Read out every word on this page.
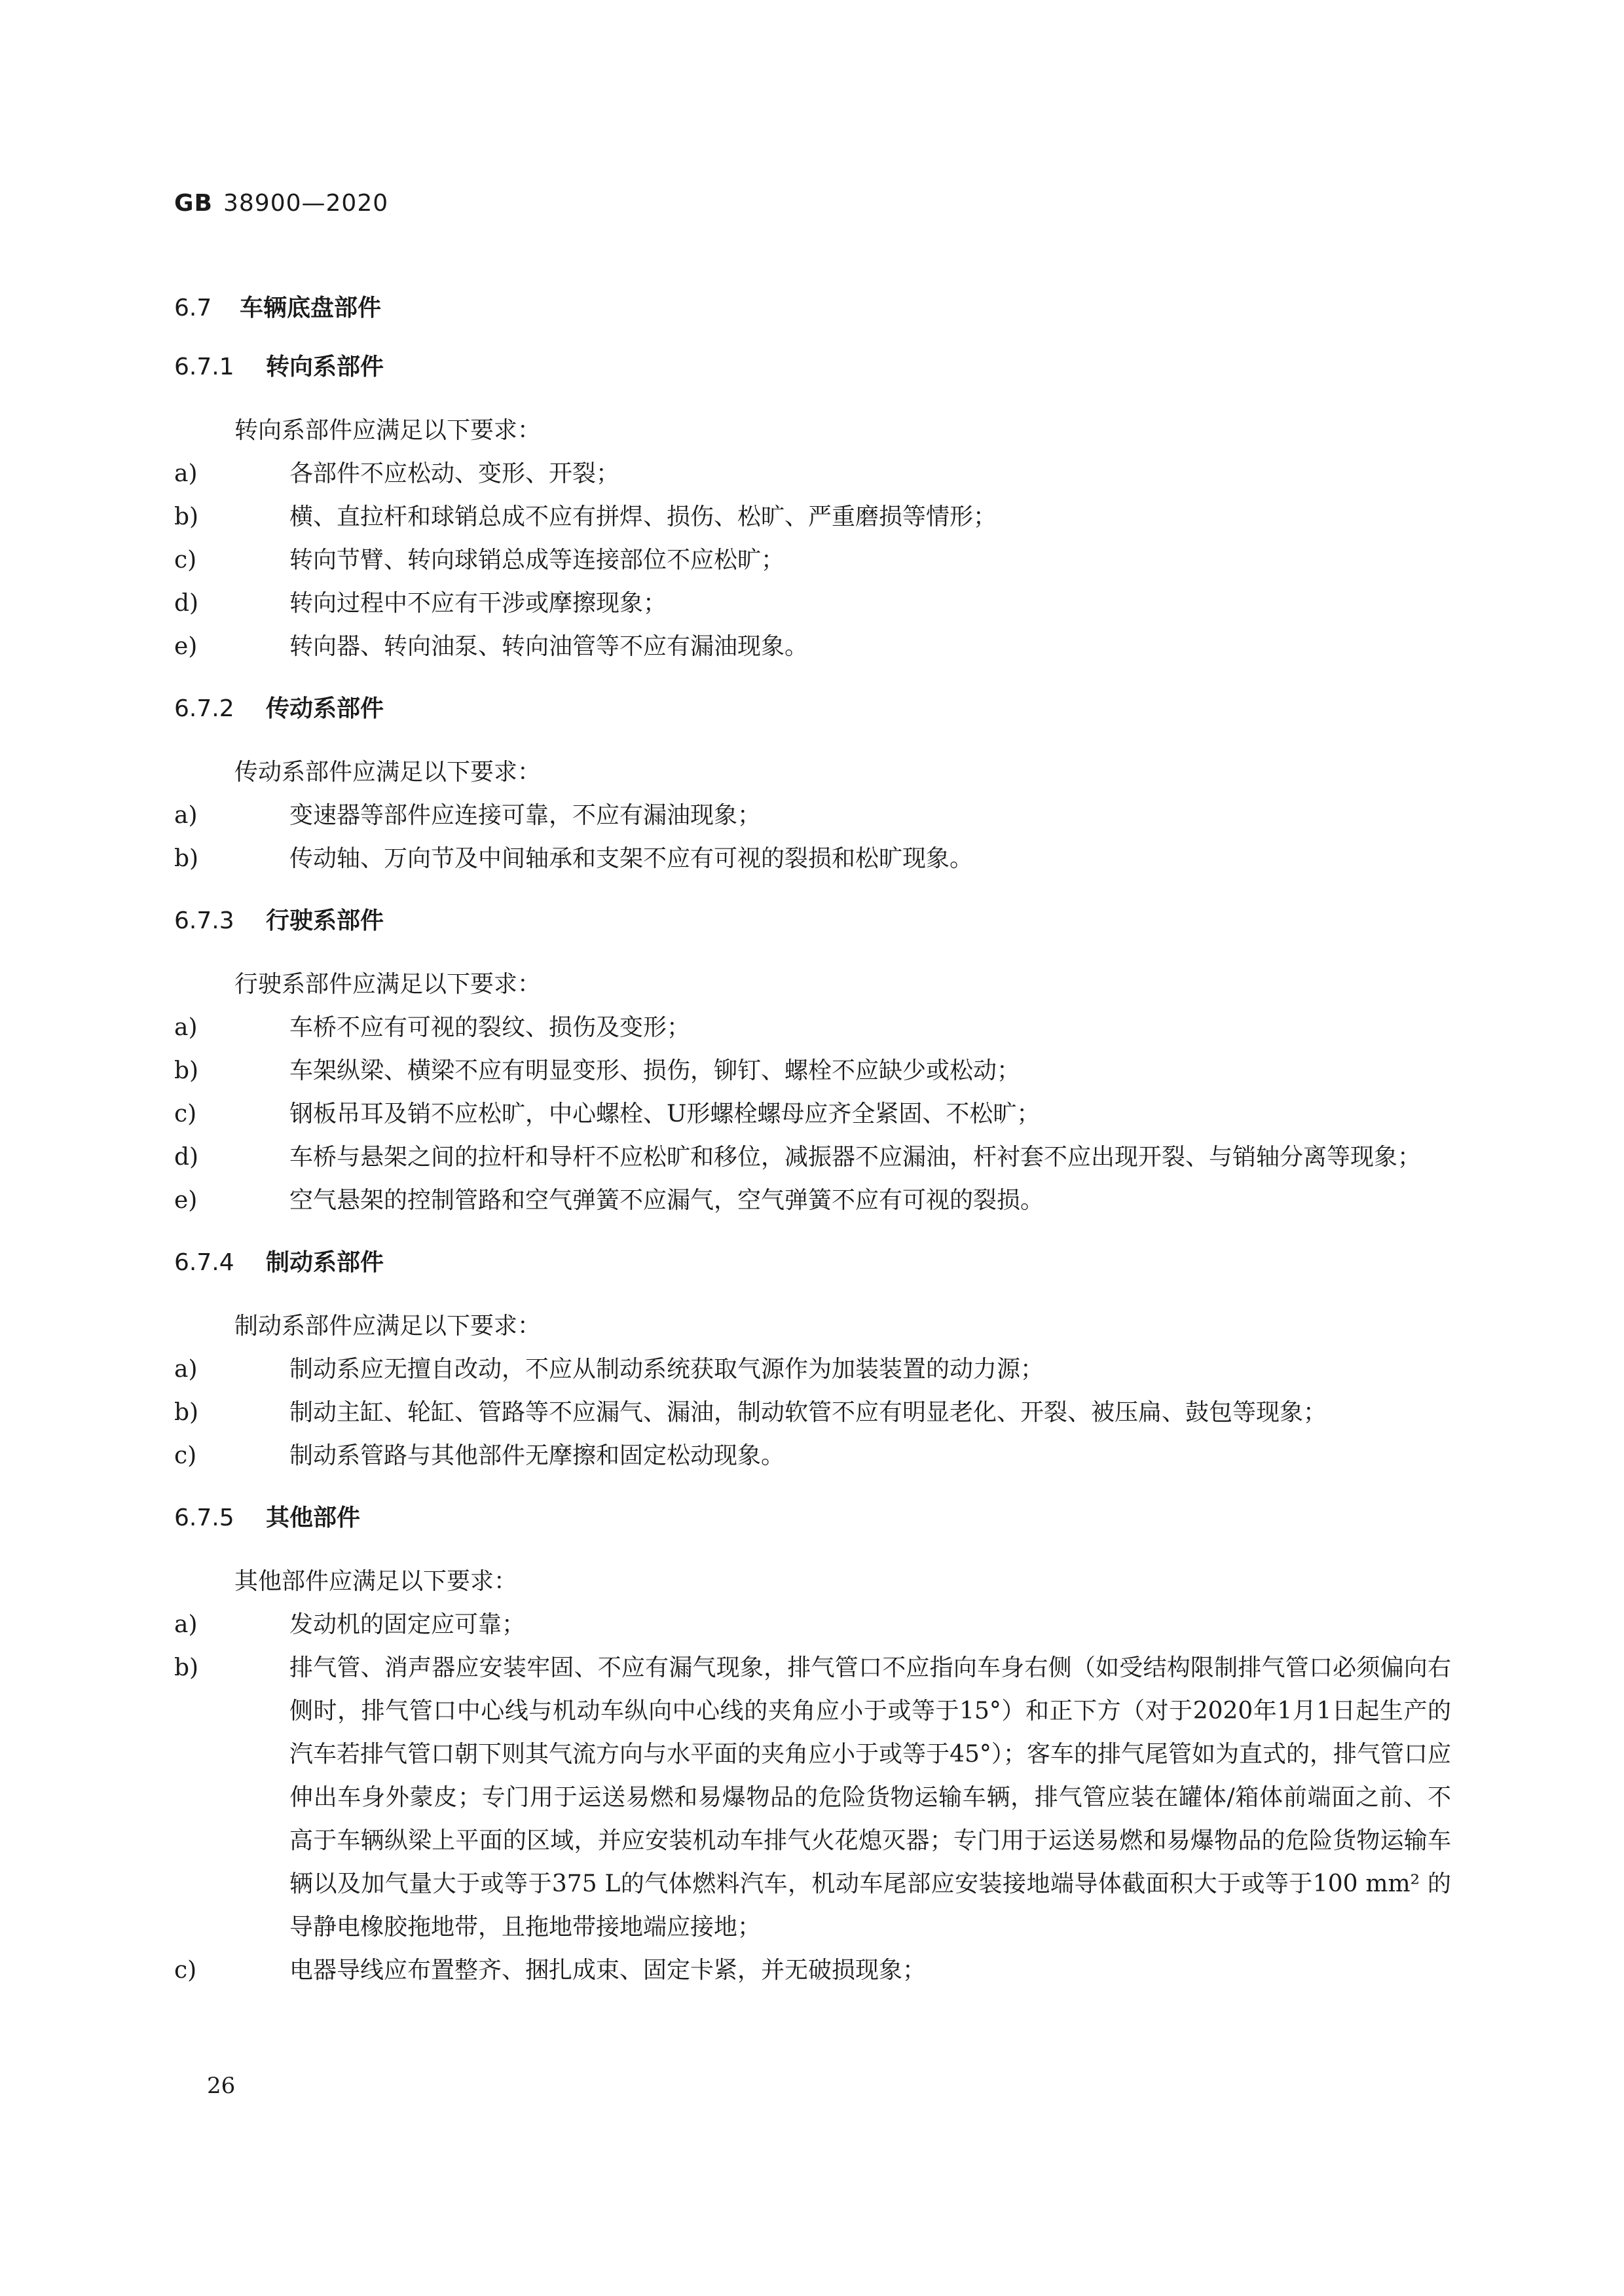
GB 38900—2020
6.7 车辆底盘部件
6.7.1 转向系部件

转向系部件应满足以下要求：

a)	各部件不应松动、变形、开裂；

b)	横、直拉杆和球销总成不应有拼焊、损伤、松旷、严重磨损等情形；

c)	转向节臂、转向球销总成等连接部位不应松旷；

d)	转向过程中不应有干涉或摩擦现象；

e)	转向器、转向油泵、转向油管等不应有漏油现象。

6.7.2 传动系部件

传动系部件应满足以下要求：

a)	变速器等部件应连接可靠，不应有漏油现象；

b)	传动轴、万向节及中间轴承和支架不应有可视的裂损和松旷现象。

6.7.3 行驶系部件

行驶系部件应满足以下要求：

a)	车桥不应有可视的裂纹、损伤及变形；

b)	车架纵梁、横梁不应有明显变形、损伤，铆钉、螺栓不应缺少或松动；

c)	钢板吊耳及销不应松旷，中心螺栓、U形螺栓螺母应齐全紧固、不松旷；

d)	车桥与悬架之间的拉杆和导杆不应松旷和移位，减振器不应漏油，杆衬套不应出现开裂、与销轴分离等现象；

e)	空气悬架的控制管路和空气弹簧不应漏气，空气弹簧不应有可视的裂损。

6.7.4 制动系部件

制动系部件应满足以下要求：

a)	制动系应无擅自改动，不应从制动系统获取气源作为加装装置的动力源；

b)	制动主缸、轮缸、管路等不应漏气、漏油，制动软管不应有明显老化、开裂、被压扁、鼓包等现象；

c)	制动系管路与其他部件无摩擦和固定松动现象。

6.7.5 其他部件

其他部件应满足以下要求：

a)	发动机的固定应可靠；

b)	排气管、消声器应安装牢固、不应有漏气现象，排气管口不应指向车身右侧（如受结构限制排气管口必须偏向右侧时，排气管口中心线与机动车纵向中心线的夹角应小于或等于15°）和正下方（对于2020年1月1日起生产的汽车若排气管口朝下则其气流方向与水平面的夹角应小于或等于45°）；客车的排气尾管如为直式的，排气管口应伸出车身外蒙皮；专门用于运送易燃和易爆物品的危险货物运输车辆，排气管应装在罐体/箱体前端面之前、不高于车辆纵梁上平面的区域，并应安装机动车排气火花熄灭器；专门用于运送易燃和易爆物品的危险货物运输车辆以及加气量大于或等于375 L的气体燃料汽车，机动车尾部应安装接地端导体截面积大于或等于100 mm² 的导静电橡胶拖地带，且拖地带接地端应接地；

c)	电器导线应布置整齐、捆扎成束、固定卡紧，并无破损现象；

26
